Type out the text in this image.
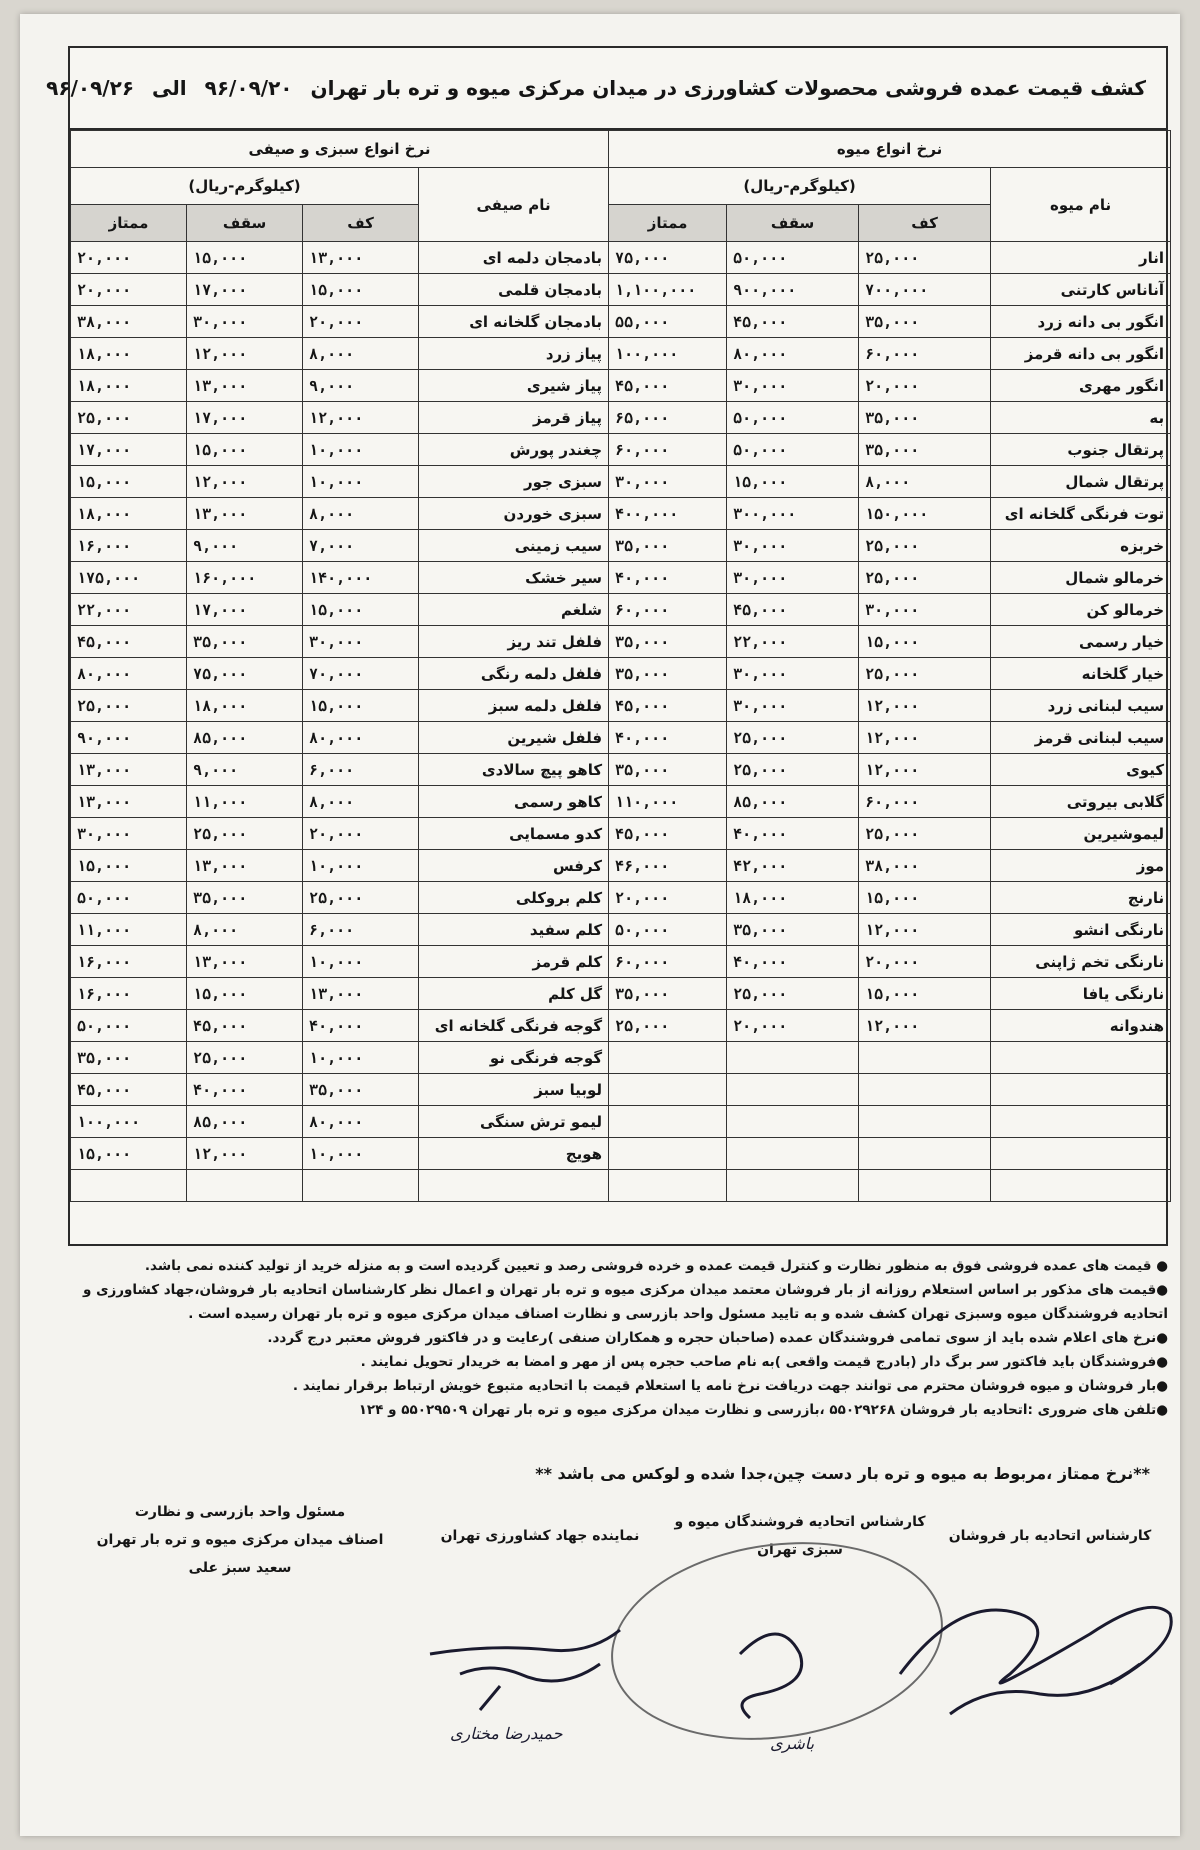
کشف قیمت عمده فروشی محصولات کشاورزی در میدان مرکزی میوه و تره بار تهران
۹۶/۰۹/۲۰
الی
۹۶/۰۹/۲۶
نرخ انواع میوه				نرخ انواع سبزی و صیفی			
نام میوه	(کیلوگرم-ریال)			نام صیفی	(کیلوگرم-ریال)		
	کف	سقف	ممتاز		کف	سقف	ممتاز
انار	۲۵,۰۰۰	۵۰,۰۰۰	۷۵,۰۰۰	بادمجان دلمه ای	۱۳,۰۰۰	۱۵,۰۰۰	۲۰,۰۰۰
آناناس کارتنی	۷۰۰,۰۰۰	۹۰۰,۰۰۰	۱,۱۰۰,۰۰۰	بادمجان قلمی	۱۵,۰۰۰	۱۷,۰۰۰	۲۰,۰۰۰
انگور بی دانه زرد	۳۵,۰۰۰	۴۵,۰۰۰	۵۵,۰۰۰	بادمجان گلخانه ای	۲۰,۰۰۰	۳۰,۰۰۰	۳۸,۰۰۰
انگور بی دانه قرمز	۶۰,۰۰۰	۸۰,۰۰۰	۱۰۰,۰۰۰	پیاز زرد	۸,۰۰۰	۱۲,۰۰۰	۱۸,۰۰۰
انگور مهری	۲۰,۰۰۰	۳۰,۰۰۰	۴۵,۰۰۰	پیاز شیری	۹,۰۰۰	۱۳,۰۰۰	۱۸,۰۰۰
به	۳۵,۰۰۰	۵۰,۰۰۰	۶۵,۰۰۰	پیاز قرمز	۱۲,۰۰۰	۱۷,۰۰۰	۲۵,۰۰۰
پرتقال جنوب	۳۵,۰۰۰	۵۰,۰۰۰	۶۰,۰۰۰	چغندر پورش	۱۰,۰۰۰	۱۵,۰۰۰	۱۷,۰۰۰
پرتقال شمال	۸,۰۰۰	۱۵,۰۰۰	۳۰,۰۰۰	سبزی جور	۱۰,۰۰۰	۱۲,۰۰۰	۱۵,۰۰۰
توت فرنگی گلخانه ای	۱۵۰,۰۰۰	۳۰۰,۰۰۰	۴۰۰,۰۰۰	سبزی خوردن	۸,۰۰۰	۱۳,۰۰۰	۱۸,۰۰۰
خربزه	۲۵,۰۰۰	۳۰,۰۰۰	۳۵,۰۰۰	سیب زمینی	۷,۰۰۰	۹,۰۰۰	۱۶,۰۰۰
خرمالو شمال	۲۵,۰۰۰	۳۰,۰۰۰	۴۰,۰۰۰	سیر خشک	۱۴۰,۰۰۰	۱۶۰,۰۰۰	۱۷۵,۰۰۰
خرمالو کن	۳۰,۰۰۰	۴۵,۰۰۰	۶۰,۰۰۰	شلغم	۱۵,۰۰۰	۱۷,۰۰۰	۲۲,۰۰۰
خیار رسمی	۱۵,۰۰۰	۲۲,۰۰۰	۳۵,۰۰۰	فلفل تند ریز	۳۰,۰۰۰	۳۵,۰۰۰	۴۵,۰۰۰
خیار گلخانه	۲۵,۰۰۰	۳۰,۰۰۰	۳۵,۰۰۰	فلفل دلمه رنگی	۷۰,۰۰۰	۷۵,۰۰۰	۸۰,۰۰۰
سیب لبنانی زرد	۱۲,۰۰۰	۳۰,۰۰۰	۴۵,۰۰۰	فلفل دلمه سبز	۱۵,۰۰۰	۱۸,۰۰۰	۲۵,۰۰۰
سیب لبنانی قرمز	۱۲,۰۰۰	۲۵,۰۰۰	۴۰,۰۰۰	فلفل شیرین	۸۰,۰۰۰	۸۵,۰۰۰	۹۰,۰۰۰
کیوی	۱۲,۰۰۰	۲۵,۰۰۰	۳۵,۰۰۰	کاهو پیچ سالادی	۶,۰۰۰	۹,۰۰۰	۱۳,۰۰۰
گلابی بیروتی	۶۰,۰۰۰	۸۵,۰۰۰	۱۱۰,۰۰۰	کاهو رسمی	۸,۰۰۰	۱۱,۰۰۰	۱۳,۰۰۰
لیموشیرین	۲۵,۰۰۰	۴۰,۰۰۰	۴۵,۰۰۰	کدو مسمایی	۲۰,۰۰۰	۲۵,۰۰۰	۳۰,۰۰۰
موز	۳۸,۰۰۰	۴۲,۰۰۰	۴۶,۰۰۰	کرفس	۱۰,۰۰۰	۱۳,۰۰۰	۱۵,۰۰۰
نارنج	۱۵,۰۰۰	۱۸,۰۰۰	۲۰,۰۰۰	کلم بروکلی	۲۵,۰۰۰	۳۵,۰۰۰	۵۰,۰۰۰
نارنگی انشو	۱۲,۰۰۰	۳۵,۰۰۰	۵۰,۰۰۰	کلم سفید	۶,۰۰۰	۸,۰۰۰	۱۱,۰۰۰
نارنگی تخم ژاپنی	۲۰,۰۰۰	۴۰,۰۰۰	۶۰,۰۰۰	کلم قرمز	۱۰,۰۰۰	۱۳,۰۰۰	۱۶,۰۰۰
نارنگی یافا	۱۵,۰۰۰	۲۵,۰۰۰	۳۵,۰۰۰	گل کلم	۱۳,۰۰۰	۱۵,۰۰۰	۱۶,۰۰۰
هندوانه	۱۲,۰۰۰	۲۰,۰۰۰	۲۵,۰۰۰	گوجه فرنگی گلخانه ای	۴۰,۰۰۰	۴۵,۰۰۰	۵۰,۰۰۰
				گوجه فرنگی نو	۱۰,۰۰۰	۲۵,۰۰۰	۳۵,۰۰۰
				لوبیا سبز	۳۵,۰۰۰	۴۰,۰۰۰	۴۵,۰۰۰
				لیمو ترش سنگی	۸۰,۰۰۰	۸۵,۰۰۰	۱۰۰,۰۰۰
				هویج	۱۰,۰۰۰	۱۲,۰۰۰	۱۵,۰۰۰

● قیمت های عمده فروشی فوق به منظور نظارت و کنترل قیمت عمده و خرده فروشی رصد و تعیین گردیده است و به منزله خرید از تولید کننده نمی باشد.
●قیمت های مذکور بر اساس استعلام روزانه از بار فروشان معتمد میدان مرکزی میوه و تره بار تهران و اعمال نظر کارشناسان اتحادیه بار فروشان،جهاد کشاورزی و
اتحادیه فروشندگان میوه وسبزی تهران کشف شده و به تایید مسئول واحد بازرسی و نظارت اصناف میدان مرکزی میوه و تره بار تهران رسیده است .
●نرخ های اعلام شده باید از سوی تمامی فروشندگان عمده (صاحبان حجره و همکاران صنفی )رعایت و در فاکتور فروش معتبر درج گردد.
●فروشندگان باید فاکتور سر برگ دار (بادرج قیمت واقعی )به نام صاحب حجره پس از مهر و امضا به خریدار تحویل نمایند .
●بار فروشان و میوه فروشان محترم می توانند جهت دریافت نرخ نامه یا استعلام قیمت با اتحادیه متبوع خویش ارتباط برقرار نمایند .
●تلفن های ضروری :اتحادیه بار فروشان ۵۵۰۲۹۲۶۸ ،بازرسی و نظارت میدان مرکزی میوه و تره بار تهران ۵۵۰۲۹۵۰۹ و ۱۲۴
**نرخ ممتاز ،مربوط به میوه و تره بار دست چین،جدا شده و لوکس می باشد **
مسئول واحد بازرسی و نظارت
اصناف میدان مرکزی میوه و تره بار تهران
سعید سبز علی
نماینده جهاد کشاورزی تهران
کارشناس اتحادیه فروشندگان میوه و
سبزی تهران
کارشناس اتحادیه بار فروشان
حمیدرضا مختاری
باشری
